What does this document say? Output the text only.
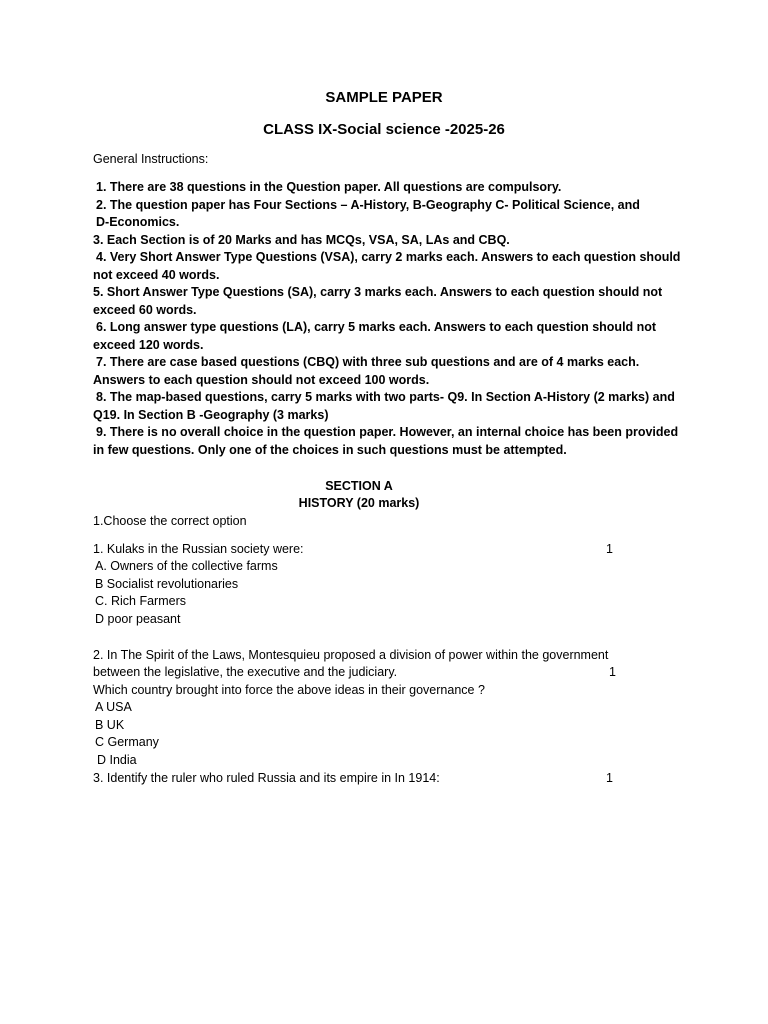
SAMPLE PAPER
CLASS IX-Social science -2025-26
General Instructions:

1. There are 38 questions in the Question paper. All questions are compulsory.

2. The question paper has Four Sections – A-History, B-Geography C- Political Science, and

D-Economics.

3. Each Section is of 20 Marks and has MCQs, VSA, SA, LAs and CBQ.

4. Very Short Answer Type Questions (VSA), carry 2 marks each. Answers to each question should

not exceed 40 words.

5. Short Answer Type Questions (SA), carry 3 marks each. Answers to each question should not

exceed 60 words.

6. Long answer type questions (LA), carry 5 marks each. Answers to each question should not

exceed 120 words.

7. There are case based questions (CBQ) with three sub questions and are of 4 marks each.

Answers to each question should not exceed 100 words.

8. The map-based questions, carry 5 marks with two parts- Q9. In Section A-History (2 marks) and

Q19. In Section B -Geography (3 marks)

9. There is no overall choice in the question paper. However, an internal choice has been provided

in few questions. Only one of the choices in such questions must be attempted.

SECTION A
HISTORY (20 marks)
1.Choose the correct option
1. Kulaks in the Russian society were:	1
A. Owners of the collective farms
B Socialist revolutionaries
C. Rich Farmers
D poor peasant
2. In The Spirit of the Laws, Montesquieu proposed a division of power within the government
between the legislative, the executive and the judiciary.	1
Which country brought into force the above ideas in their governance ?
A USA
B UK
C Germany
D India
3. Identify the ruler who ruled Russia and its empire in In 1914:	1
